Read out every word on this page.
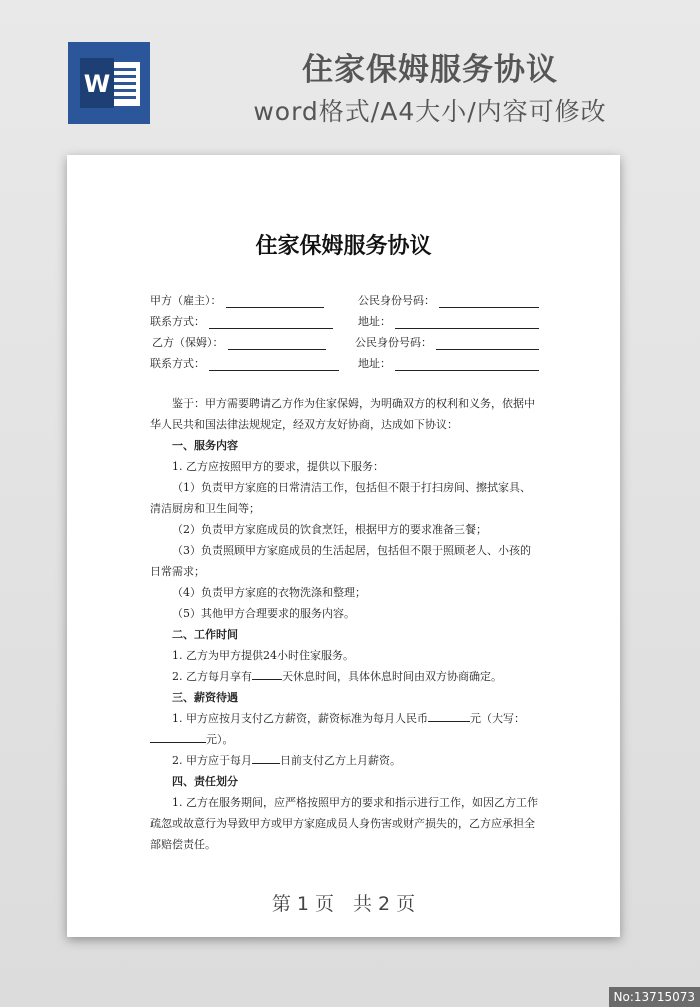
W	住家保姆服务协议
word格式/A4大小/内容可修改
住家保姆服务协议
甲方（雇主）：	公民身份号码：
联系方式：	地址：
乙方（保姆）：	公民身份号码：
联系方式：	地址：

鉴于：甲方需要聘请乙方作为住家保姆，为明确双方的权利和义务，依据中华人民共和国法律法规规定，经双方友好协商，达成如下协议：

一、服务内容

1. 乙方应按照甲方的要求，提供以下服务：

（1）负责甲方家庭的日常清洁工作，包括但不限于打扫房间、擦拭家具、清洁厨房和卫生间等；

（2）负责甲方家庭成员的饮食烹饪，根据甲方的要求准备三餐；

（3）负责照顾甲方家庭成员的生活起居，包括但不限于照顾老人、小孩的日常需求；

（4）负责甲方家庭的衣物洗涤和整理；

（5）其他甲方合理要求的服务内容。

二、工作时间

1. 乙方为甲方提供24小时住家服务。

2. 乙方每月享有	天休息时间，具体休息时间由双方协商确定。

三、薪资待遇

1. 甲方应按月支付乙方薪资，薪资标准为每月人民币	元（大写：元）。

2. 甲方应于每月	日前支付乙方上月薪资。

四、责任划分

1. 乙方在服务期间，应严格按照甲方的要求和指示进行工作，如因乙方工作疏忽或故意行为导致甲方或甲方家庭成员人身伤害或财产损失的，乙方应承担全部赔偿责任。

第 1 页　共 2 页
No:13715073
